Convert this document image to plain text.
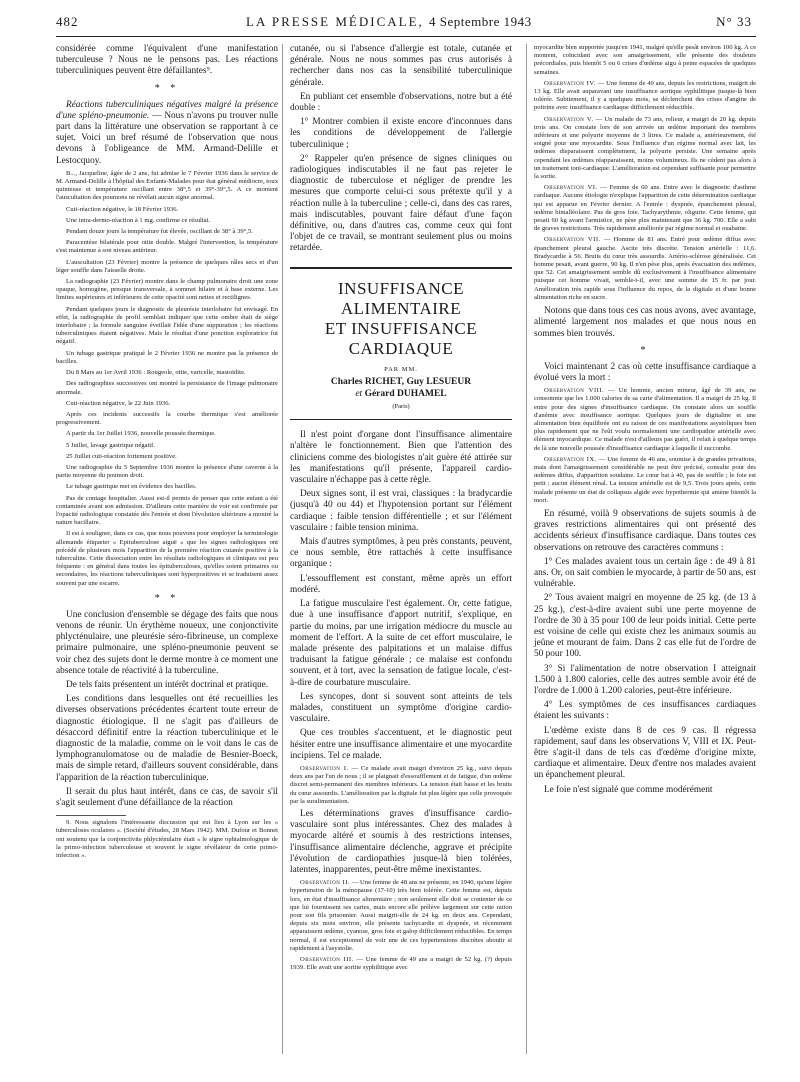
482	LA PRESSE MÉDICALE, 4 Septembre 1943	N° 33

considérée comme l'équivalent d'une manifestation tuberculeuse ? Nous ne le pensons pas. Les réactions tuberculiniques peuvent être défaillantes⁹.

* *

Réactions tuberculiniques négatives malgré la présence d'une spléno-pneumonie. — Nous n'avons pu trouver nulle part dans la littérature une observation se rapportant à ce sujet. Voici un bref résumé de l'observation que nous devons à l'obligeance de MM. Armand-Delille et Lestocquoy.

B..., Jacqueline, âgée de 2 ans, fut admise le 7 Février 1936 dans le service de M. Armand-Delille à l'hôpital des Enfants-Malades pour état général médiocre, toux quinteuse et température oscillant entre 38°,5 et 39°-39°,5. A ce moment l'auscultation des poumons ne révélait aucun signe anormal.

Cuti-réaction négative, le 18 Février 1936.

Une intra-dermo-réaction à 1 mg. confirme ce résultat.

Pendant douze jours la température fut élevée, oscillant de 38° à 39°,5.

Paracentèse bilatérale pour otite double. Malgré l'intervention, la température s'est maintenue à son niveau antérieur.

L'auscultation (23 Février) montre la présence de quelques râles secs et d'un léger souffle dans l'aisselle droite.

La radiographie (23 Février) montre dans le champ pulmonaire droit une zone opaque, homogène, presque transversale, à sommet hilaire et à base externe. Les limites supérieures et inférieures de cette opacité sont nettes et rectilignes.

Pendant quelques jours le diagnostic de pleurésie interlobaire fut envisagé. En effet, la radiographie de profil semblait indiquer que cette ombre était de siège interlobaire ; la formule sanguine éveillait l'idée d'une suppuration ; les réactions tuberculiniques étaient négatives. Mais le résultat d'une ponction exploratrice fut négatif.

Un tubage gastrique pratiqué le 2 Février 1936 ne montre pas la présence de bacilles.

Du 8 Mars au 1er Avril 1936 : Rougeole, otite, varicelle, mastoïdite.

Des radiographies successives ont montré la persistance de l'image pulmonaire anormale.

Cuti-réaction négative, le 22 Juin 1936.

Après ces incidents successifs la courbe thermique s'est améliorée progressivement.

A partir du 1er Juillet 1936, nouvelle poussée thermique.

5 Juillet, lavage gastrique négatif.

25 Juillet cuti-réaction fortement positive.

Une radiographie du 5 Septembre 1936 montre la présence d'une caverne à la partie moyenne du poumon droit.

Le tubage gastrique met en évidence des bacilles.

Pas de contage hospitalier. Aussi est-il permis de penser que cette enfant a été contaminée avant son admission. D'ailleurs cette manière de voir est confirmée par l'opacité radiologique constatée dès l'entrée et dont l'évolution ultérieure a montré la nature bacillaire.

Il est à souligner, dans ce cas, que nous pouvons pour employer la terminologie allemande étiqueter « Epituberculose aiguë » que les signes radiologiques ont précédé de plusieurs mois l'apparition de la première réaction cutanée positive à la tuberculine. Cette dissociation entre les résultats radiologiques et cliniques est peu fréquente : en général dans toutes les épituberculoses, qu'elles soient primaires ou secondaires, les réactions tuberculiniques sont hyperpositives et se traduisent assez souvent par une escarre.

* *

Une conclusion d'ensemble se dégage des faits que nous venons de réunir. Un érythème noueux, une conjonctivite phlycténulaire, une pleurésie séro-fibrineuse, un complexe primaire pulmonaire, une spléno-pneumonie peuvent se voir chez des sujets dont le derme montre à ce moment une absence totale de réactivité à la tuberculine.

De tels faits présentent un intérêt doctrinal et pratique.

Les conditions dans lesquelles ont été recueillies les diverses observations précédentes écartent toute erreur de diagnostic étiologique. Il ne s'agit pas d'ailleurs de désaccord définitif entre la réaction tuberculinique et le diagnostic de la maladie, comme on le voit dans le cas de lymphogranulomatose ou de maladie de Besnier-Boeck, mais de simple retard, d'ailleurs souvent considérable, dans l'apparition de la réaction tuberculinique.

Il serait du plus haut intérêt, dans ce cas, de savoir s'il s'agit seulement d'une défaillance de la réaction

9. Nous signalons l'intéressante discussion qui eut lieu à Lyon sur les « tuberculoses oculaires ». (Société d'études, 28 Mars 1942). MM. Dufour et Bonnet ont soutenu que la conjonctivite phlycténulaire était « le signe ophtalmologique de la primo-infection tuberculeuse et souvent le signe révélateur de cette primo-infection ».

cutanée, ou si l'absence d'allergie est totale, cutanée et générale. Nous ne nous sommes pas crus autorisés à rechercher dans nos cas la sensibilité tuberculinique générale.

En publiant cet ensemble d'observations, notre but a été double :

1° Montrer combien il existe encore d'inconnues dans les conditions de développement de l'allergie tuberculinique ;

2° Rappeler qu'en présence de signes cliniques ou radiologiques indiscutables il ne faut pas rejeter le diagnostic de tuberculose et négliger de prendre les mesures que comporte celui-ci sous prétexte qu'il y a réaction nulle à la tuberculine ; celle-ci, dans des cas rares, mais indiscutables, pouvant faire défaut d'une façon définitive, ou, dans d'autres cas, comme ceux qui font l'objet de ce travail, se montrant seulement plus ou moins retardée.

INSUFFISANCE ALIMENTAIRE
ET INSUFFISANCE CARDIAQUE
PAR MM.
Charles RICHET, Guy LESUEUR
et Gérard DUHAMEL
(Paris)

Il n'est point d'organe dont l'insuffisance alimentaire n'altère le fonctionnement. Bien que l'attention des cliniciens comme des biologistes n'ait guère été attirée sur les manifestations qu'il présente, l'appareil cardio-vasculaire n'échappe pas à cette règle.

Deux signes sont, il est vrai, classiques : la bradycardie (jusqu'à 40 ou 44) et l'hypotension portant sur l'élément cardiaque : faible tension différentielle ; et sur l'élément vasculaire : faible tension minima.

Mais d'autres symptômes, à peu près constants, peuvent, ce nous semble, être rattachés à cette insuffisance organique :

L'essoufflement est constant, même après un effort modéré.

La fatigue musculaire l'est également. Or, cette fatigue, due à une insuffisance d'apport nutritif, s'explique, en partie du moins, par une irrigation médiocre du muscle au moment de l'effort. A la suite de cet effort musculaire, le malade présente des palpitations et un malaise diffus traduisant la fatigue générale ; ce malaise est confondu souvent, et à tort, avec la sensation de fatigue locale, c'est-à-dire de courbature musculaire.

Les syncopes, dont si souvent sont atteints de tels malades, constituent un symptôme d'origine cardio-vasculaire.

Que ces troubles s'accentuent, et le diagnostic peut hésiter entre une insuffisance alimentaire et une myocardite incipiens. Tel ce malade.

Observation I. — Ce malade avait maigri d'environ 25 kg., suivi depuis deux ans par l'un de nous ; il se plaignait d'essoufflement et de fatigue, d'un œdème discret semi-permanent des membres inférieurs. La tension était basse et les bruits du cœur assourdis. L'amélioration par la digitale fut plus légère que celle provoquée par la suralimentation.

Les déterminations graves d'insuffisance cardio-vasculaire sont plus intéressantes. Chez des malades à myocarde altéré et soumis à des restrictions intenses, l'insuffisance alimentaire déclenche, aggrave et précipite l'évolution de cardiopathies jusque-là bien tolérées, latentes, inapparentes, peut-être même inexistantes.

Observation II. — Une femme de 48 ans ne présente, en 1940, qu'une légère hypertension de la ménopause (17-10) très bien tolérée. Cette femme est, depuis lors, en état d'insuffisance alimentaire ; non seulement elle doit se contenter de ce que lui fournissent ses cartes, mais encore elle prélève largement sur cette ration pour son fils prisonnier. Aussi maigrit-elle de 24 kg. en deux ans. Cependant, depuis six mois environ, elle présente tachycardie et dyspnée, et récemment apparaissent œdème, cyanose, gros foie et galop difficilement réductibles. En temps normal, il est exceptionnel de voir une de ces hypertensions discrètes aboutir si rapidement à l'asystolie.

Observation III. — Une femme de 49 ans a maigri de 52 kg. (?) depuis 1939. Elle avait une aortite syphilitique avec

myocardite bien supportée jusqu'en 1941, malgré qu'elle pesât environ 100 kg. A ce moment, coïncidant avec son amaigrissement, elle présente des douleurs précordiales, puis bientôt 5 ou 6 crises d'œdème aigu à peine espacées de quelques semaines.

Observation IV. — Une femme de 49 ans, depuis les restrictions, maigrit de 13 kg. Elle avait auparavant une insuffisance aortique syphilitique jusque-là bien tolérée. Subitement, il y a quelques mois, se déclenchent des crises d'angine de poitrine avec insuffisance cardiaque difficilement réductible.

Observation V. — Un malade de 73 ans, relieur, a maigri de 20 kg. depuis trois ans. On constate lors de son arrivée un œdème important des membres inférieurs et une polyurie moyenne de 3 litres. Ce malade a, antérieurement, été soigné pour une myocardite. Sous l'influence d'un régime normal avec lait, les œdèmes disparaissent complètement, la polyurie persiste. Une semaine après cependant les œdèmes réapparaissent, moins volumineux. Ils ne cèdent pas alors à un traitement toni-cardiaque. L'amélioration est cependant suffisante pour permettre la sortie.

Observation VI. — Femme de 60 ans. Entre avec le diagnostic d'asthme cardiaque. Aucune étiologie n'explique l'apparition de cette détermination cardiaque qui est apparue en Février dernier. A l'entrée : dyspnée, épanchement pleural, œdème bimalléolaire. Pas de gros foie. Tachyarythmie, oligurie. Cette femme, qui pesait 60 kg avant l'armistice, ne pèse plus maintenant que 36 kg. 700. Elle a subi de graves restrictions. Très rapidement améliorée par régime normal et ouabaïne.

Observation VII. — Homme de 81 ans. Entré pour œdème diffus avec épanchement pleural gauche. Ascite très discrète. Tension artérielle : 11,6. Bradycardie à 56. Bruits du cœur très assourdis. Artério-sclérose généralisée. Cet homme pesait, avant guerre, 90 kg. Il n'en pèse plus, après évacuation des œdèmes, que 52. Cet amaigrissement semble dû exclusivement à l'insuffisance alimentaire puisque cet homme vivait, semble-t-il, avec une somme de 15 fr. par jour. Amélioration très rapide sous l'influence du repos, de la digitale et d'une bonne alimentation riche en sucre.

Notons que dans tous ces cas nous avons, avec avantage, alimenté largement nos malades et que nous nous en sommes bien trouvés.

*

Voici maintenant 2 cas où cette insuffisance cardiaque a évolué vers la mort :

Observation VIII. — Un homme, ancien mineur, âgé de 39 ans, ne consomme que les 1.000 calories de sa carte d'alimentation. Il a maigri de 25 kg. Il entre pour des signes d'insuffisance cardiaque. On constate alors un souffle d'anémie avec insuffisance aortique. Quelques jours de digitaline et une alimentation bien équilibrée ont eu raison de ces manifestations asystoliques bien plus rapidement que ne l'eût voulu normalement une cardiopathie artérielle avec élément myocardique. Ce malade n'est d'ailleurs pas guéri, il refait à quelque temps de là une nouvelle poussée d'insuffisance cardiaque à laquelle il succombe.

Observation IX. — Une femme de 46 ans, soumise à de grandes privations, mais dont l'amaigrissement considérable ne peut être précisé, consulte pour des œdèmes diffus, d'apparition soudaine. Le cœur bat à 40, pas de souffle ; le foie est petit ; aucun élément rénal. La tension artérielle est de 9,5. Trois jours après, cette malade présente un état de collapsus algide avec hypothermie qui amène bientôt la mort.

En résumé, voilà 9 observations de sujets soumis à de graves restrictions alimentaires qui ont présenté des accidents sérieux d'insuffisance cardiaque. Dans toutes ces observations on retrouve des caractères communs :

1° Ces malades avaient tous un certain âge : de 49 à 81 ans. Or, on sait combien le myocarde, à partir de 50 ans, est vulnérable.

2° Tous avaient maigri en moyenne de 25 kg. (de 13 à 25 kg.), c'est-à-dire avaient subi une perte moyenne de l'ordre de 30 à 35 pour 100 de leur poids initial. Cette perte est voisine de celle qui existe chez les animaux soumis au jeûne et mourant de faim. Dans 2 cas elle fut de l'ordre de 50 pour 100.

3° Si l'alimentation de notre observation I atteignait 1.500 à 1.800 calories, celle des autres semble avoir été de l'ordre de 1.000 à 1.200 calories, peut-être inférieure.

4° Les symptômes de ces insuffisances cardiaques étaient les suivants :

L'œdème existe dans 8 de ces 9 cas. Il régressa rapidement, sauf dans les observations V, VIII et IX. Peut-être s'agit-il dans de tels cas d'œdème d'origine mixte, cardiaque et alimentaire. Deux d'entre nos malades avaient un épanchement pleural.

Le foie n'est signalé que comme modérément
